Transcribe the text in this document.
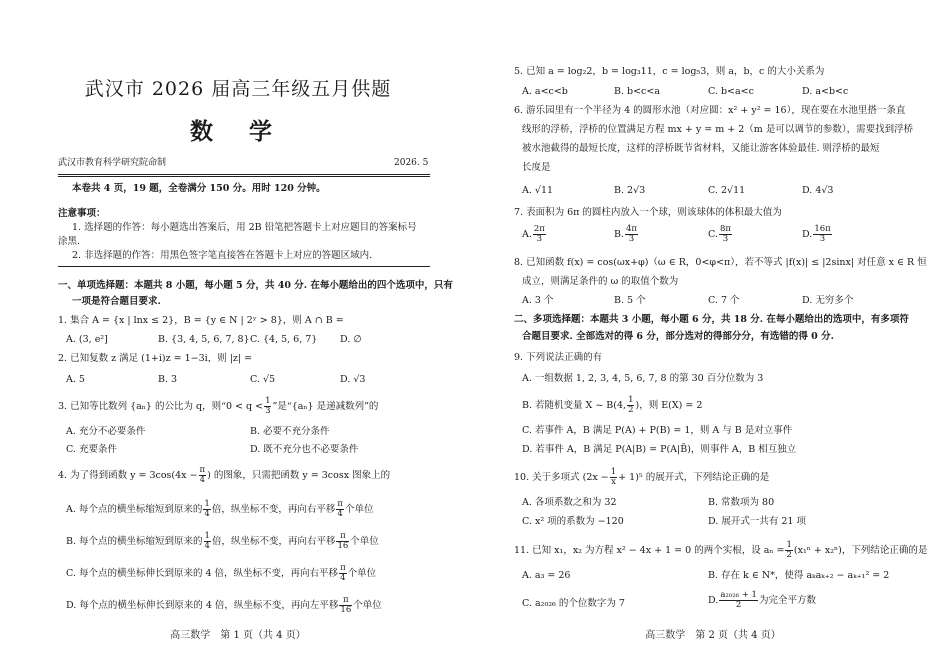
武汉市 2026 届高三年级五月供题
数 学
武汉市教育科学研究院命制	2026. 5
本卷共 4 页，19 题，全卷满分 150 分。用时 120 分钟。
注意事项：
1. 选择题的作答：每小题选出答案后，用 2B 铅笔把答题卡上对应题目的答案标号
涂黑.
2. 非选择题的作答：用黑色签字笔直接答在答题卡上对应的答题区域内.
一、单项选择题：本题共 8 小题，每小题 5 分，共 40 分. 在每小题给出的四个选项中，只有
一项是符合题目要求.
1. 集合 A = {x | lnx ≤ 2}，B = {y ∈ N | 2ʸ > 8}，则 A ∩ B =
A. (3, e²]	B. {3, 4, 5, 6, 7, 8} C. {4, 5, 6, 7} D. ∅
2. 已知复数 z 满足 (1+i)z = 1−3i，则 |z| =
A. 5	B. 3	C. √5	D. √3
3. 已知等比数列 {aₙ} 的公比为 q，则“$0 < q < \frac{1}{3}$ ”是“{aₙ} 是递减数列”的
A. 充分不必要条件	B. 必要不充分条件
C. 充要条件	D. 既不充分也不必要条件
4. 为了得到函数 $y = 3\cos(4x - \frac{\pi}{4}$ ) 的图象，只需把函数 y = 3cosx 图象上的
A. 每个点的横坐标缩短到原来的 $\frac{1}{4}$ 倍，纵坐标不变，再向右平移 $\frac{\pi}{4}$ 个单位
B. 每个点的横坐标缩短到原来的 $\frac{1}{4}$ 倍，纵坐标不变，再向右平移 $\frac{\pi}{16}$ 个单位
C. 每个点的横坐标伸长到原来的 4 倍，纵坐标不变，再向右平移 $\frac{\pi}{4}$ 个单位
D. 每个点的横坐标伸长到原来的 4 倍，纵坐标不变，再向左平移 $\frac{\pi}{16}$ 个单位
高三数学　第 1 页（共 4 页）
5. 已知 a = log₂2，b = log₃11，c = log₅3，则 a，b，c 的大小关系为
A. a<c<b	B. b<c<a	C. b<a<c	D. a<b<c
6. 游乐园里有一个半径为 4 的圆形水池（对应圆：x² + y² = 16），现在要在水池里搭一条直
线形的浮桥，浮桥的位置满足方程 mx + y = m + 2（m 是可以调节的参数），需要找到浮桥
被水池截得的最短长度，这样的浮桥既节省材料，又能让游客体验最佳. 则浮桥的最短
长度是
A. √11	B. 2√3	C. 2√11	D. 4√3
7. 表面积为 6π 的圆柱内放入一个球，则该球体的体积最大值为
A. $\frac{2\pi}{3}$	B. $\frac{4\pi}{3}$	C. $\frac{8\pi}{3}$	D. $\frac{16\pi}{3}$
8. 已知函数 f(x) = cos(ωx+φ)（ω ∈ R，0<φ<π），若不等式 |f(x)| ≤ |2sinx| 对任意 x ∈ R 恒
成立，则满足条件的 ω 的取值个数为
A. 3 个	B. 5 个	C. 7 个	D. 无穷多个
二、多项选择题：本题共 3 小题，每小题 6 分，共 18 分. 在每小题给出的选项中，有多项符
合题目要求. 全部选对的得 6 分，部分选对的得部分分，有选错的得 0 分.
9. 下列说法正确的有
A. 一组数据 1, 2, 3, 4, 5, 6, 7, 8 的第 30 百分位数为 3
B. 若随机变量 X ~ B(4, $\frac{1}{2}$ )，则 E(X) = 2
C. 若事件 A，B 满足 P(A) + P(B) = 1，则 A 与 B 是对立事件
D. 若事件 A，B 满足 P(A|B) = P(A|B̄)，则事件 A，B 相互独立
10. 关于多项式 $(2x - \frac{1}{x} + 1)^5$ 的展开式，下列结论正确的是
A. 各项系数之和为 32	B. 常数项为 80
C. x² 项的系数为 −120	D. 展开式一共有 21 项
11. 已知 x₁，x₂ 为方程 x² − 4x + 1 = 0 的两个实根，设 $a_n = \frac{1}{2} (x_1^n + x_2^n)$，下列结论正确的是
A. a₃ = 26	B. 存在 k ∈ N*，使得 aₖaₖ₊₂ − aₖ₊₁² = 2
C. a₂₀₂₆ 的个位数字为 7	D. $\frac{\text{a₂₀₂₆ + 1}}{2}$ 为完全平方数
高三数学　第 2 页（共 4 页）
